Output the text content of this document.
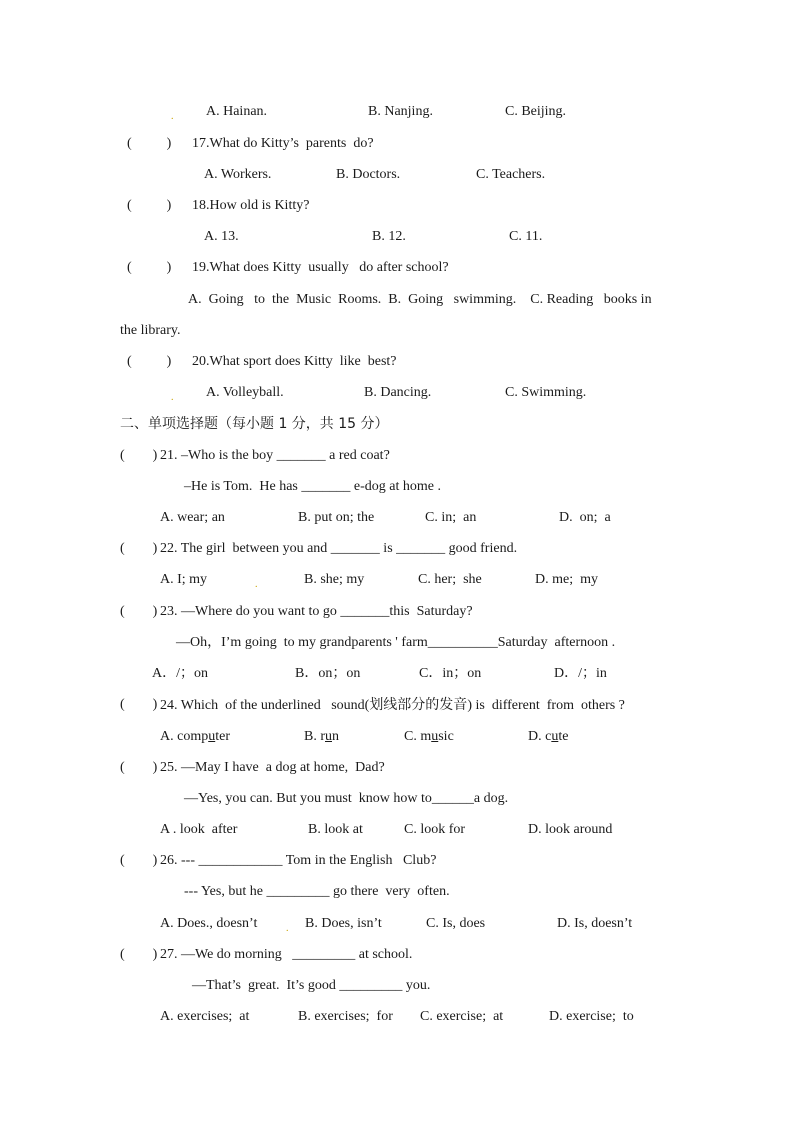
. A. Hainan.	B. Nanjing.	C. Beijing.
(          ) 17.What do Kitty’s  parents  do?
A. Workers.	B. Doctors.	C. Teachers.
(          ) 18.How old is Kitty?
A. 13.	B. 12.	C. 11.
(          ) 19.What does Kitty  usually   do after school?
A.  Going   to  the  Music  Rooms.  B.  Going   swimming.    C. Reading   books in
the library.
(          ) 20.What sport does Kitty  like  best?
. A. Volleyball.	B. Dancing.	C. Swimming.
二、单项选择题（每小题 1 分，共 15 分）
(        ) 21. –Who is the boy _______ a red coat?
–He is Tom.  He has _______ e-dog at home .
A. wear; an	B. put on; the	C. in;  an	D.  on;  a
(        ) 22. The girl  between you and _______ is _______ good friend.
A. I; my	.	B. she; my	C. her;  she	D. me;  my
(        ) 23. —Where do you want to go _______this  Saturday?
—Oh，I’m going  to my grandparents ' farm__________Saturday  afternoon .
A．/；on	B．on；on	C．in；on	D．/；in
(        ) 24. Which  of the underlined   sound(划线部分的发音) is  different  from  others ?
A. computer	B. run	C. music	D. cute
(        ) 25. —May I have  a dog at home,  Dad?
—Yes, you can. But you must  know how to______a dog.
A . look  after	B. look at	C. look for	D. look around
(        ) 26. --- ____________ Tom in the English   Club?
--- Yes, but he _________ go there  very  often.
A. Does., doesn’t	. B. Does, isn’t	C. Is, does	D. Is, doesn’t
(        ) 27. —We do morning   _________ at school.
—That’s  great.  It’s good _________ you.
A. exercises;  at	B. exercises;  for C. exercise;  at	D. exercise;  to
